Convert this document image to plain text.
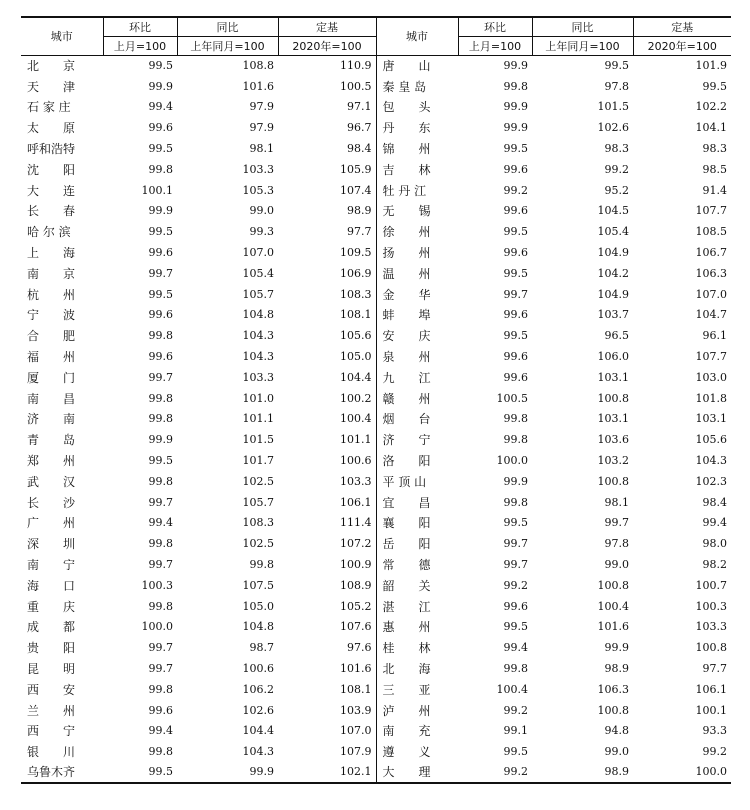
城市	环比	同比	定基	城市	环比	同比	定基
	上月=100	上年同月=100	2020年=100		上月=100	上年同月=100	2020年=100
北　　京	99.5	108.8	110.9	唐　　山	99.9	99.5	101.9
天　　津	99.9	101.6	100.5	秦 皇 岛	99.8	97.8	99.5
石 家 庄	99.4	97.9	97.1	包　　头	99.9	101.5	102.2
太　　原	99.6	97.9	96.7	丹　　东	99.9	102.6	104.1
呼和浩特	99.5	98.1	98.4	锦　　州	99.5	98.3	98.3
沈　　阳	99.8	103.3	105.9	吉　　林	99.6	99.2	98.5
大　　连	100.1	105.3	107.4	牡 丹 江	99.2	95.2	91.4
长　　春	99.9	99.0	98.9	无　　锡	99.6	104.5	107.7
哈 尔 滨	99.5	99.3	97.7	徐　　州	99.5	105.4	108.5
上　　海	99.6	107.0	109.5	扬　　州	99.6	104.9	106.7
南　　京	99.7	105.4	106.9	温　　州	99.5	104.2	106.3
杭　　州	99.5	105.7	108.3	金　　华	99.7	104.9	107.0
宁　　波	99.6	104.8	108.1	蚌　　埠	99.6	103.7	104.7
合　　肥	99.8	104.3	105.6	安　　庆	99.5	96.5	96.1
福　　州	99.6	104.3	105.0	泉　　州	99.6	106.0	107.7
厦　　门	99.7	103.3	104.4	九　　江	99.6	103.1	103.0
南　　昌	99.8	101.0	100.2	赣　　州	100.5	100.8	101.8
济　　南	99.8	101.1	100.4	烟　　台	99.8	103.1	103.1
青　　岛	99.9	101.5	101.1	济　　宁	99.8	103.6	105.6
郑　　州	99.5	101.7	100.6	洛　　阳	100.0	103.2	104.3
武　　汉	99.8	102.5	103.3	平 顶 山	99.9	100.8	102.3
长　　沙	99.7	105.7	106.1	宜　　昌	99.8	98.1	98.4
广　　州	99.4	108.3	111.4	襄　　阳	99.5	99.7	99.4
深　　圳	99.8	102.5	107.2	岳　　阳	99.7	97.8	98.0
南　　宁	99.7	99.8	100.9	常　　德	99.7	99.0	98.2
海　　口	100.3	107.5	108.9	韶　　关	99.2	100.8	100.7
重　　庆	99.8	105.0	105.2	湛　　江	99.6	100.4	100.3
成　　都	100.0	104.8	107.6	惠　　州	99.5	101.6	103.3
贵　　阳	99.7	98.7	97.6	桂　　林	99.4	99.9	100.8
昆　　明	99.7	100.6	101.6	北　　海	99.8	98.9	97.7
西　　安	99.8	106.2	108.1	三　　亚	100.4	106.3	106.1
兰　　州	99.6	102.6	103.9	泸　　州	99.2	100.8	100.1
西　　宁	99.4	104.4	107.0	南　　充	99.1	94.8	93.3
银　　川	99.8	104.3	107.9	遵　　义	99.5	99.0	99.2
乌鲁木齐	99.5	99.9	102.1	大　　理	99.2	98.9	100.0
